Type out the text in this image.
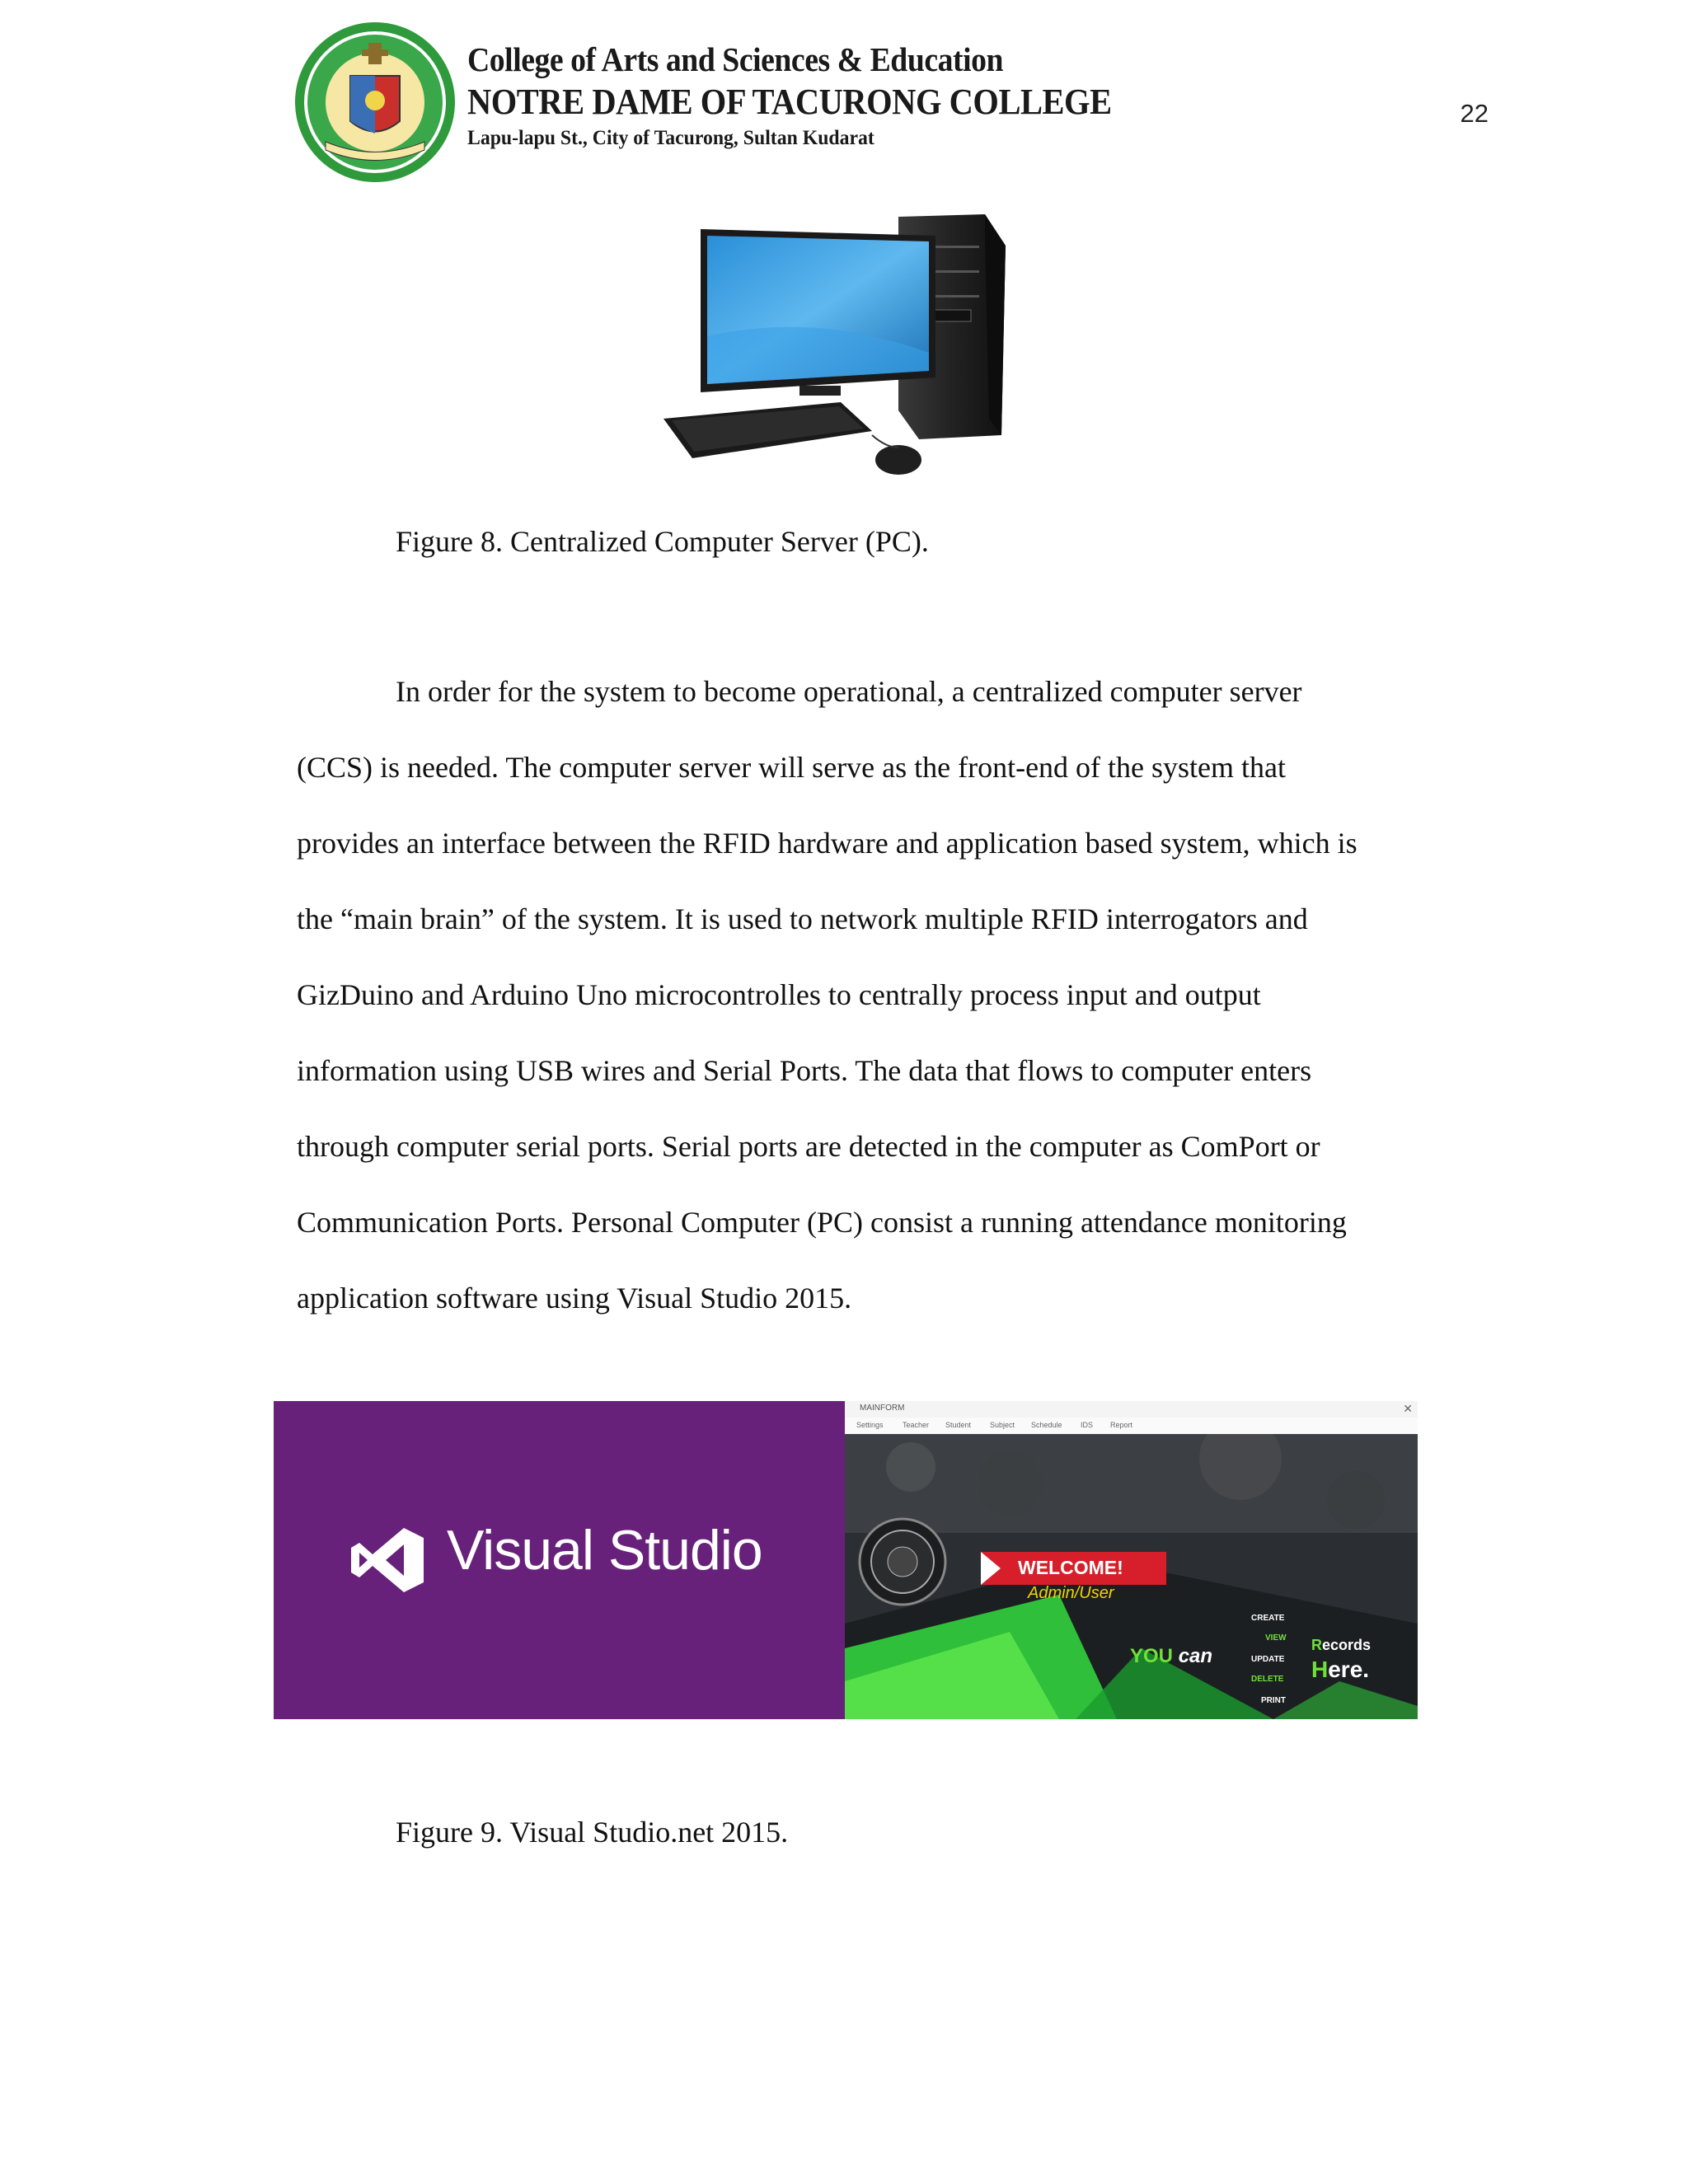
College of Arts and Sciences & Education
NOTRE DAME OF TACURONG COLLEGE
Lapu-lapu St., City of Tacurong, Sultan Kudarat
22
Figure 8. Centralized Computer Server (PC).
In order for the system to become operational, a centralized computer server
(CCS) is needed. The computer server will serve as the front-end of the system that
provides an interface between the RFID hardware and application based system, which is
the “main brain” of the system. It is used to network multiple RFID interrogators and
GizDuino and Arduino Uno microcontrolles to centrally process input and output
information using USB wires and Serial Ports. The data that flows to computer enters
through computer serial ports. Serial ports are detected in the computer as ComPort or
Communication Ports. Personal Computer (PC) consist a running attendance monitoring
application software using Visual Studio 2015.
Visual Studio
MAINFORM	✕
Settings	Teacher Student	Subject Schedule IDS Report
WELCOME!
Admin/User
YOU can
CREATE
VIEW
UPDATE
DELETE
PRINT
Records
Here.
Figure 9. Visual Studio.net 2015.
